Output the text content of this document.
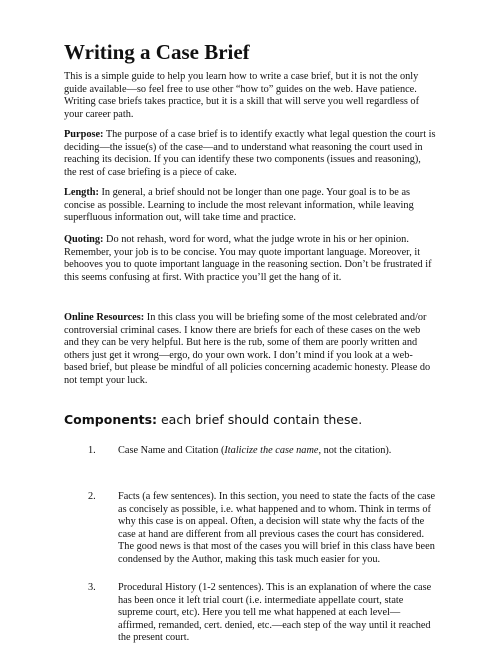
Writing a Case Brief

This is a simple guide to help you learn how to write a case brief, but it is not the only guide available—so feel free to use other “how to” guides on the web. Have patience. Writing case briefs takes practice, but it is a skill that will serve you well regardless of your career path.

Purpose: The purpose of a case brief is to identify exactly what legal question the court is deciding—the issue(s) of the case—and to understand what reasoning the court used in reaching its decision. If you can identify these two components (issues and reasoning), the rest of case briefing is a piece of cake.

Length: In general, a brief should not be longer than one page. Your goal is to be as concise as possible. Learning to include the most relevant information, while leaving superfluous information out, will take time and practice.

Quoting: Do not rehash, word for word, what the judge wrote in his or her opinion. Remember, your job is to be concise. You may quote important language. Moreover, it behooves you to quote important language in the reasoning section. Don’t be frustrated if this seems confusing at first. With practice you’ll get the hang of it.

Online Resources: In this class you will be briefing some of the most celebrated and/or controversial criminal cases. I know there are briefs for each of these cases on the web and they can be very helpful. But here is the rub, some of them are poorly written and others just get it wrong—ergo, do your own work. I don’t mind if you look at a web-based brief, but please be mindful of all policies concerning academic honesty. Please do not tempt your luck.

Components: each brief should contain these.
1. Case Name and Citation (Italicize the case name, not the citation).
2. Facts (a few sentences). In this section, you need to state the facts of the case as concisely as possible, i.e. what happened and to whom. Think in terms of why this case is on appeal. Often, a decision will state why the facts of the case at hand are different from all previous cases the court has considered. The good news is that most of the cases you will brief in this class have been condensed by the Author, making this task much easier for you.
3. Procedural History (1-2 sentences). This is an explanation of where the case has been once it left trial court (i.e. intermediate appellate court, state supreme court, etc). Here you tell me what happened at each level—affirmed, remanded, cert. denied, etc.—each step of the way until it reached the present court.
